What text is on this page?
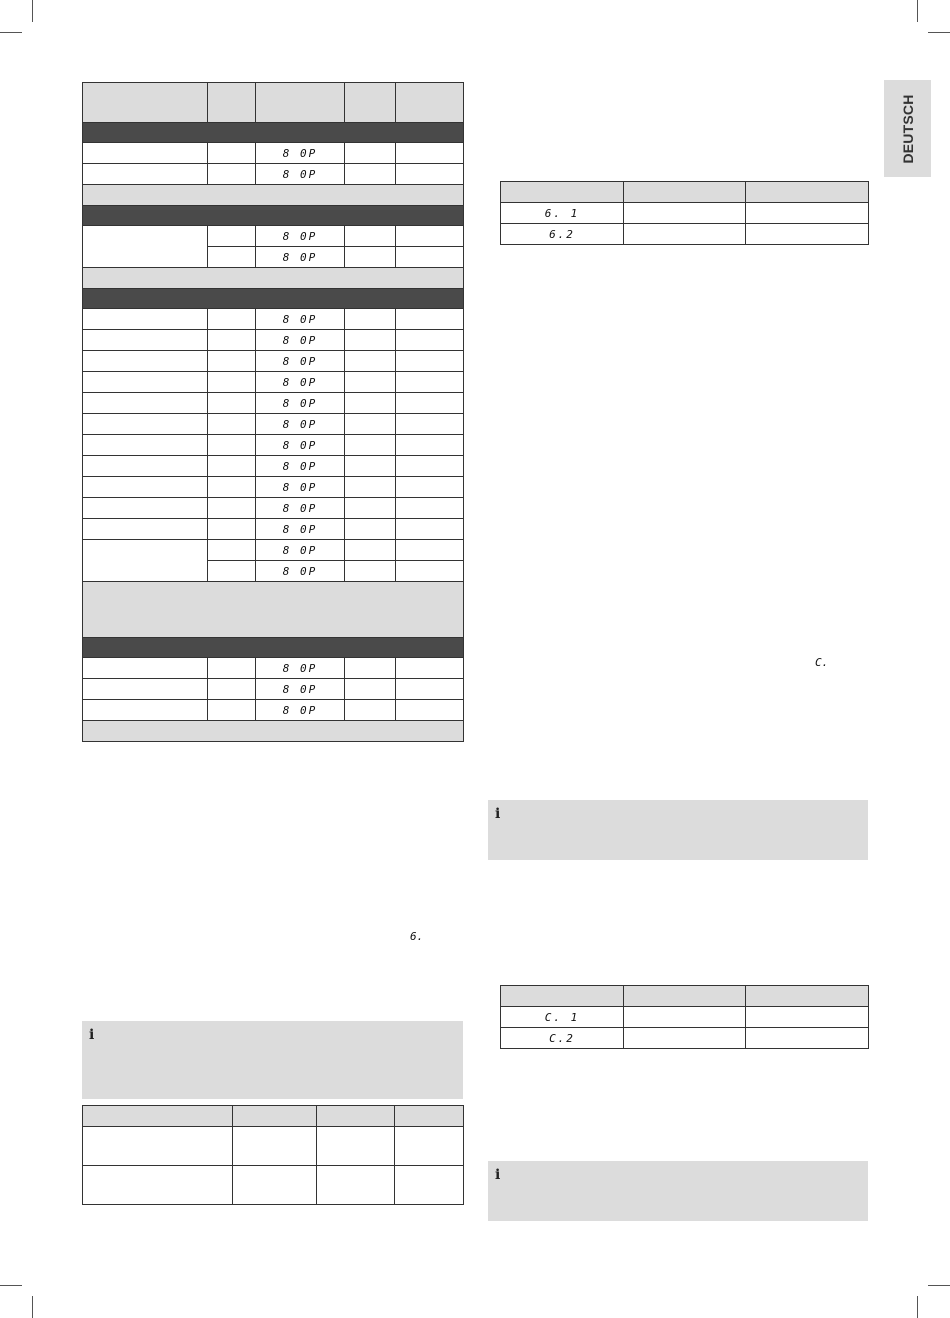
DEUTSCH

		8 0P		
		8 0P		

		8 0P		
		8 0P		

		8 0P		
		8 0P		
		8 0P		
		8 0P		
		8 0P		
		8 0P		
		8 0P		
		8 0P		
		8 0P		
		8 0P		
		8 0P		
		8 0P		
		8 0P		

		8 0P		
		8 0P		
		8 0P		

6.
i

6. 1		
6.2		
C.
i

C. 1		
C.2		
i
